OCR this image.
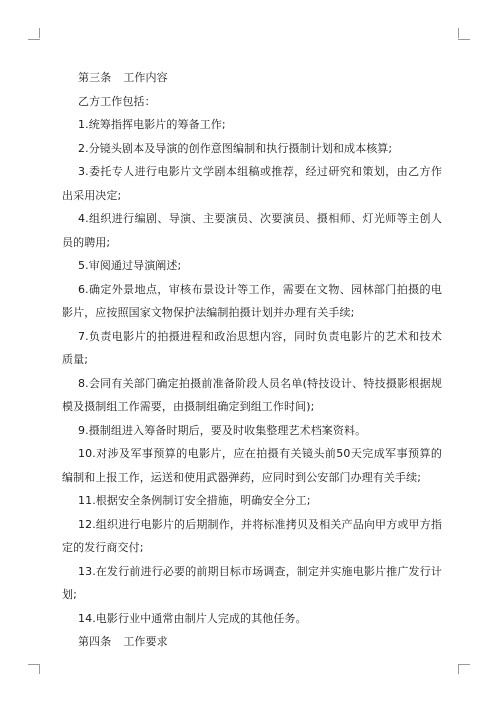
第三条 工作内容

乙方工作包括：

1.统筹指挥电影片的筹备工作;

2.分镜头剧本及导演的创作意图编制和执行摄制计划和成本核算;

3.委托专人进行电影片文学剧本组稿或推荐，经过研究和策划，由乙方作出采用决定;

4.组织进行编剧、导演、主要演员、次要演员、摄相师、灯光师等主创人员的聘用;

5.审阅通过导演阐述;

6.确定外景地点，审核布景设计等工作，需要在文物、园林部门拍摄的电影片，应按照国家文物保护法编制拍摄计划并办理有关手续;

7.负责电影片的拍摄进程和政治思想内容，同时负责电影片的艺术和技术质量;

8.会同有关部门确定拍摄前准备阶段人员名单(特技设计、特技摄影根据规模及摄制组工作需要，由摄制组确定到组工作时间);

9.摄制组进入筹备时期后，要及时收集整理艺术档案资料。

10.对涉及军事预算的电影片，应在拍摄有关镜头前50天完成军事预算的编制和上报工作，运送和使用武器弹药，应同时到公安部门办理有关手续;

11.根据安全条例制订安全措施，明确安全分工;

12.组织进行电影片的后期制作，并将标准拷贝及相关产品向甲方或甲方指定的发行商交付;

13.在发行前进行必要的前期目标市场调查，制定并实施电影片推广发行计划;

14.电影行业中通常由制片人完成的其他任务。

第四条 工作要求
